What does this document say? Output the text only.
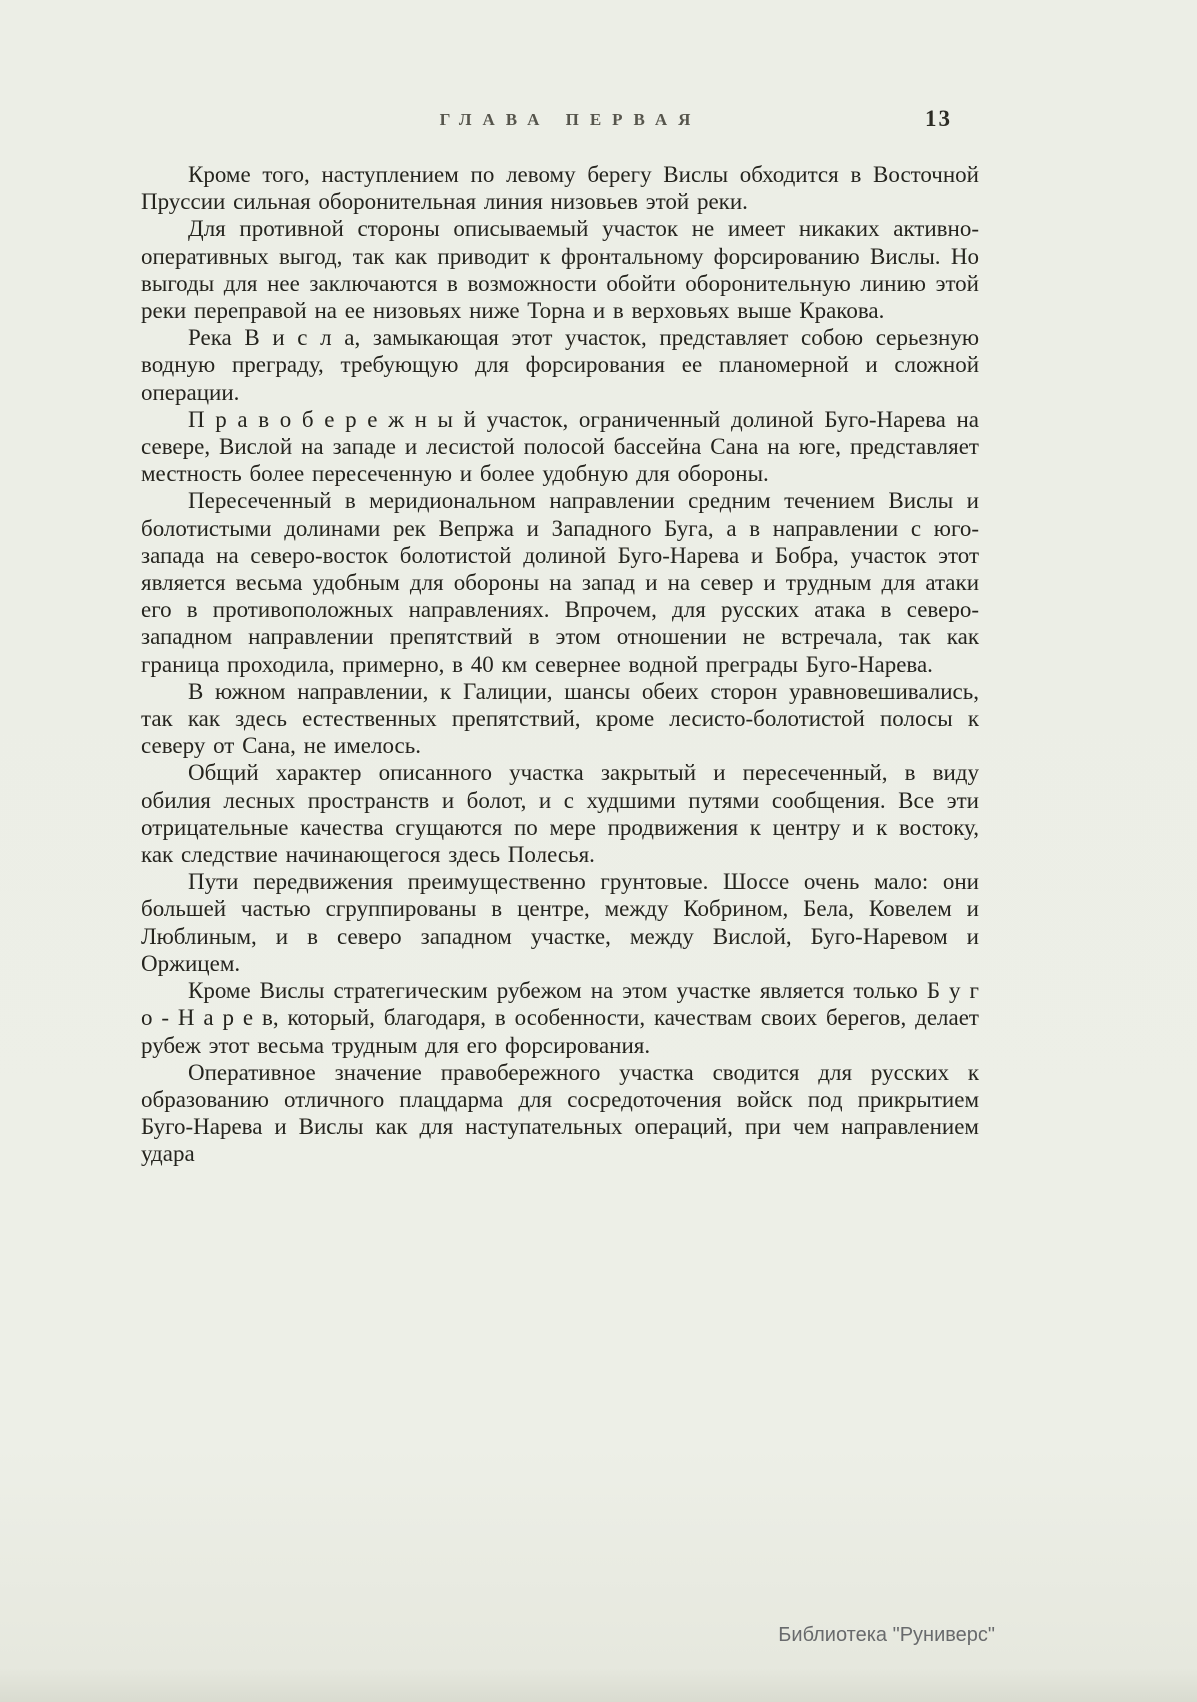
ГЛАВА ПЕРВАЯ	13

Кроме того, наступлением по левому берегу Вислы обходится в Восточной Пруссии сильная оборонительная линия низовьев этой реки.

Для противной стороны описываемый участок не имеет никаких активно-оперативных выгод, так как приводит к фронтальному форсированию Вислы. Но выгоды для нее заключаются в возможности обойти оборонительную линию этой реки переправой на ее низовьях ниже Торна и в верховьях выше Кракова.

Река В и с л а, замыкающая этот участок, представляет собою серьезную водную преграду, требующую для форсирования ее планомерной и сложной операции.

П р а в о б е р е ж н ы й участок, ограниченный долиной Буго-Нарева на севере, Вислой на западе и лесистой полосой бассейна Сана на юге, представляет местность более пересеченную и более удобную для обороны.

Пересеченный в меридиональном направлении средним течением Вислы и болотистыми долинами рек Вепржа и Западного Буга, а в направлении с юго-запада на северо-восток болотистой долиной Буго-Нарева и Бобра, участок этот является весьма удобным для обороны на запад и на север и трудным для атаки его в противоположных направлениях. Впрочем, для русских атака в северо-западном направлении препятствий в этом отношении не встречала, так как граница проходила, примерно, в 40 км севернее водной преграды Буго-Нарева.

В южном направлении, к Галиции, шансы обеих сторон уравновешивались, так как здесь естественных препятствий, кроме лесисто-болотистой полосы к северу от Сана, не имелось.

Общий характер описанного участка закрытый и пересеченный, в виду обилия лесных пространств и болот, и с худшими путями сообщения. Все эти отрицательные качества сгущаются по мере продвижения к центру и к востоку, как следствие начинающегося здесь Полесья.

Пути передвижения преимущественно грунтовые. Шоссе очень мало: они большей частью сгруппированы в центре, между Кобрином, Бела, Ковелем и Люблиным, и в северо западном участке, между Вислой, Буго-Наревом и Оржицем.

Кроме Вислы стратегическим рубежом на этом участке является только Б у г о - Н а р е в, который, благодаря, в особенности, качествам своих берегов, делает рубеж этот весьма трудным для его форсирования.

Оперативное значение правобережного участка сводится для русских к образованию отличного плацдарма для сосредоточения войск под прикрытием Буго-Нарева и Вислы как для наступательных операций, при чем направлением удара

Библиотека "Руниверс"
